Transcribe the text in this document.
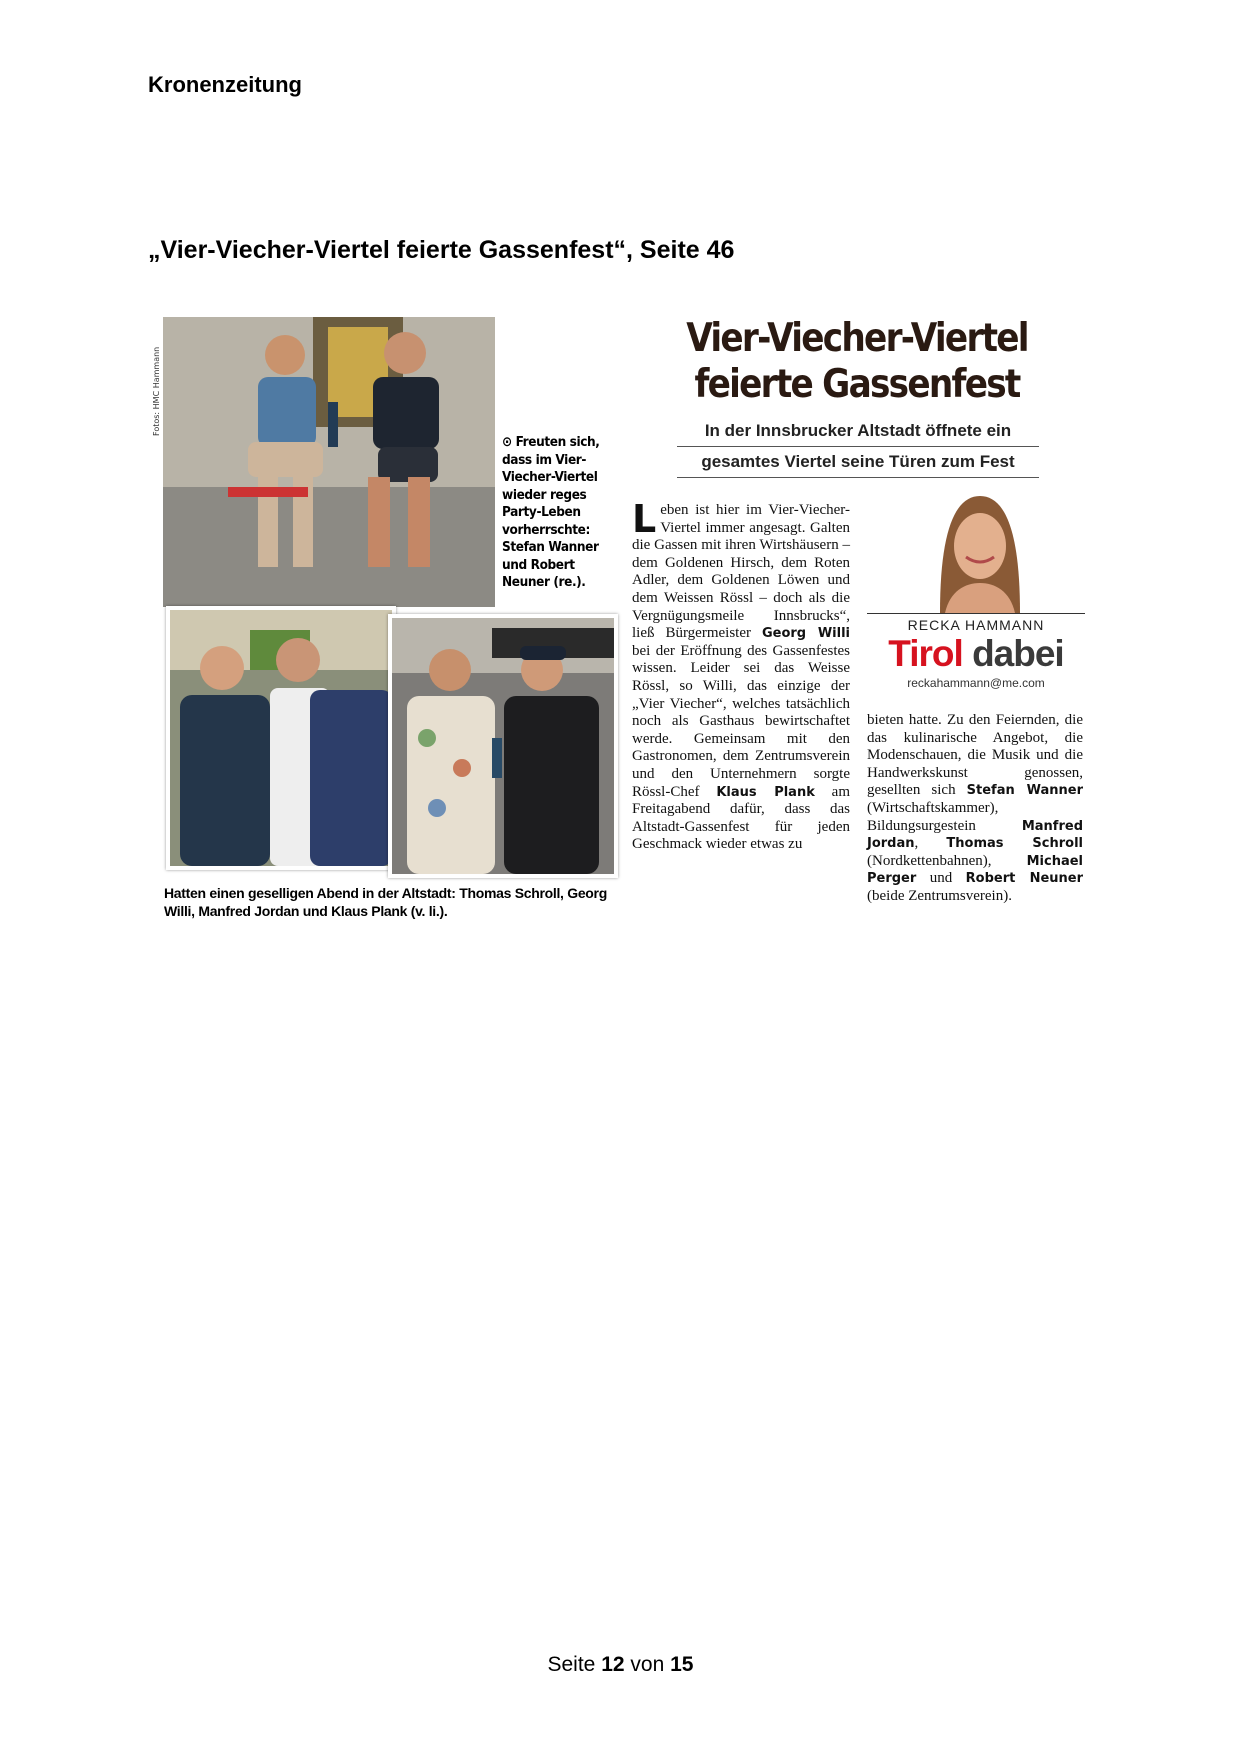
Kronenzeitung
„Vier-Viecher-Viertel feierte Gassenfest“, Seite 46
Fotos: HMC Hammann
⊙ Freuten sich, dass im Vier-Viecher-Viertel wieder reges Party-Leben vorherrschte: Stefan Wanner und Robert Neuner (re.).
Hatten einen geselligen Abend in der Altstadt: Thomas Schroll, Georg Willi, Manfred Jordan und Klaus Plank (v. li.).
Vier-Viecher-Viertel
feierte Gassenfest
In der Innsbrucker Altstadt öffnete ein
gesamtes Viertel seine Türen zum Fest
Leben ist hier im Vier-Viecher-Viertel immer angesagt. Galten die Gassen mit ihren Wirtshäusern – dem Goldenen Hirsch, dem Roten Adler, dem Goldenen Löwen und dem Weissen Rössl – doch als die Vergnügungsmeile Innsbrucks“, ließ Bürgermeister Georg Willi bei der Eröffnung des Gassenfestes wissen. Leider sei das Weisse Rössl, so Willi, das einzige der „Vier Viecher“, welches tatsächlich noch als Gasthaus bewirtschaftet werde. Gemeinsam mit den Gastronomen, dem Zentrumsverein und den Unternehmern sorgte Rössl-Chef Klaus Plank am Freitagabend dafür, dass das Altstadt-Gassenfest für jeden Geschmack wieder etwas zu
RECKA HAMMANN
Tirol dabei
reckahammann@me.com
bieten hatte. Zu den Feiernden, die das kulinarische Angebot, die Modenschauen, die Musik und die Handwerkskunst genossen, gesellten sich Stefan Wanner (Wirtschaftskammer), Bildungsurgestein Manfred Jordan, Thomas Schroll (Nordkettenbahnen), Michael Perger und Robert Neuner (beide Zentrumsverein).
Seite 12 von 15
